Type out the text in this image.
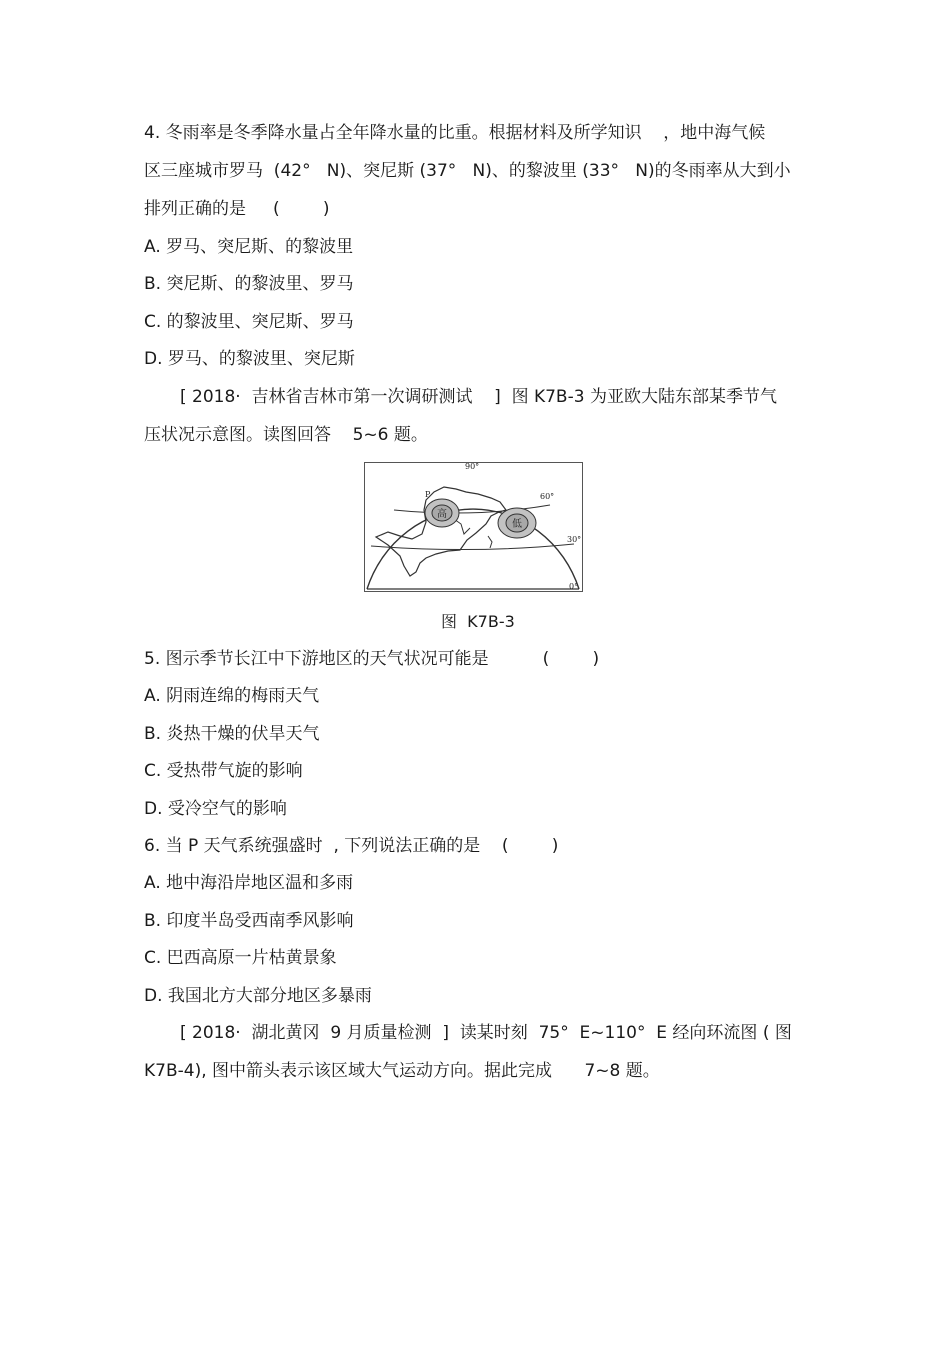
4. 冬雨率是冬季降水量占全年降水量的比重。根据材料及所学知识    ，地中海气候
区三座城市罗马  (42°   N)、突尼斯 (37°   N)、的黎波里 (33°   N)的冬雨率从大到小
排列正确的是     (        )
A. 罗马、突尼斯、的黎波里
B. 突尼斯、的黎波里、罗马
C. 的黎波里、突尼斯、罗马
D. 罗马、的黎波里、突尼斯
[ 2018·  吉林省吉林市第一次调研测试    ]  图 K7B-3 为亚欧大陆东部某季节气
压状况示意图。读图回答    5~6 题。
90°
60°
30°
0°
P
高
低
图  K7B-3
5. 图示季节长江中下游地区的天气状况可能是          (        )
A. 阴雨连绵的梅雨天气
B. 炎热干燥的伏旱天气
C. 受热带气旋的影响
D. 受冷空气的影响
6. 当 P 天气系统强盛时  , 下列说法正确的是    (        )
A. 地中海沿岸地区温和多雨
B. 印度半岛受西南季风影响
C. 巴西高原一片枯黄景象
D. 我国北方大部分地区多暴雨
[ 2018·  湖北黄冈  9 月质量检测  ]  读某时刻  75°  E~110°  E 经向环流图 ( 图
K7B-4), 图中箭头表示该区域大气运动方向。据此完成      7~8 题。
